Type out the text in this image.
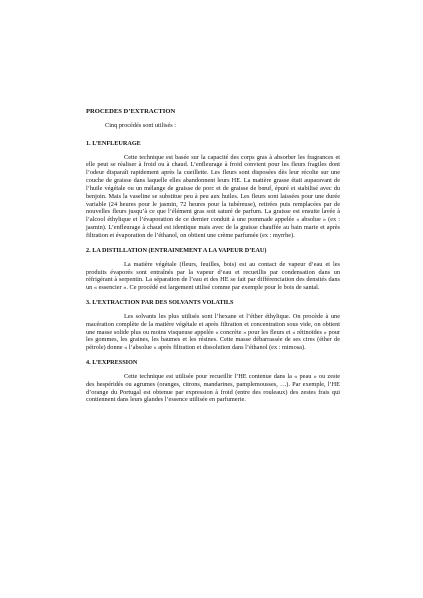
PROCEDES D’EXTRACTION
Cinq procédés sont utilisés :
1. L’ENFLEURAGE

Cette technique est basée sur la capacité des corps gras à absorber les fragrances et elle peut se réaliser à froid ou à chaud. L’enfleurage à froid convient pour les fleurs fragiles dont l’odeur disparaît rapidement après la cueillette. Les fleurs sont disposées dès leur récolte sur une couche de graisse dans laquelle elles abandonnent leurs HE. La matière grasse était auparavant de l’huile végétale ou un mélange de graisse de porc et de graisse de bœuf, épuré et stabilisé avec du benjoin. Mais la vaseline se substitue peu à peu aux huiles. Les fleurs sont laissées pour une durée variable (24 heures pour le jasmin, 72 heures pour la tubéreuse), retirées puis remplacées par de nouvelles fleurs jusqu’à ce que l’élément gras soit saturé de parfum. La graisse est ensuite lavée à l’alcool éthylique et l’évaporation de ce dernier conduit à une pommade appelée « absolue » (ex : jasmin). L’enfleurage à chaud est identique mais avec de la graisse chauffée au bain marie et après filtration et évaporation de l’éthanol, on obtient une crème parfumée (ex : myrrhe).

2. LA DISTILLATION (ENTRAINEMENT A LA VAPEUR D’EAU)

La matière végétale (fleurs, feuilles, bois) est au contact de vapeur d’eau et les produits évaporés sont entraînés par la vapeur d’eau et recueillis par condensation dans un réfrigérant à serpentin. La séparation de l’eau et des HE se fait par différenciation des densités dans un « essencier ». Ce procédé est largement utilisé comme par exemple pour le bois de santal.

3. L’EXTRACTION PAR DES SOLVANTS VOLATILS

Les solvants les plus utilisés sont l’hexane et l’éther éthylique. On procède à une macération complète de la matière végétale et après filtration et concentration sous vide, on obtient une masse solide plus ou moins visqueuse appelée « concrète » pour les fleurs et « rétinoïdes » pour les gommes, les graines, les baumes et les résines. Cette masse débarrassée de ses cires (éther de pétrole) donne « l’absolue » après filtration et dissolution dans l’éthanol (ex : mimosa).

4. L’EXPRESSION

Cette technique est utilisée pour recueillir l’HE contenue dans la « peau » ou zeste des hespéridés ou agrumes (oranges, citrons, mandarines, pamplemousses, …). Par exemple, l’HE d’orange du Portugal est obtenue par expression à froid (entre des rouleaux) des zestes frais qui contiennent dans leurs glandes l’essence utilisée en parfumerie.
